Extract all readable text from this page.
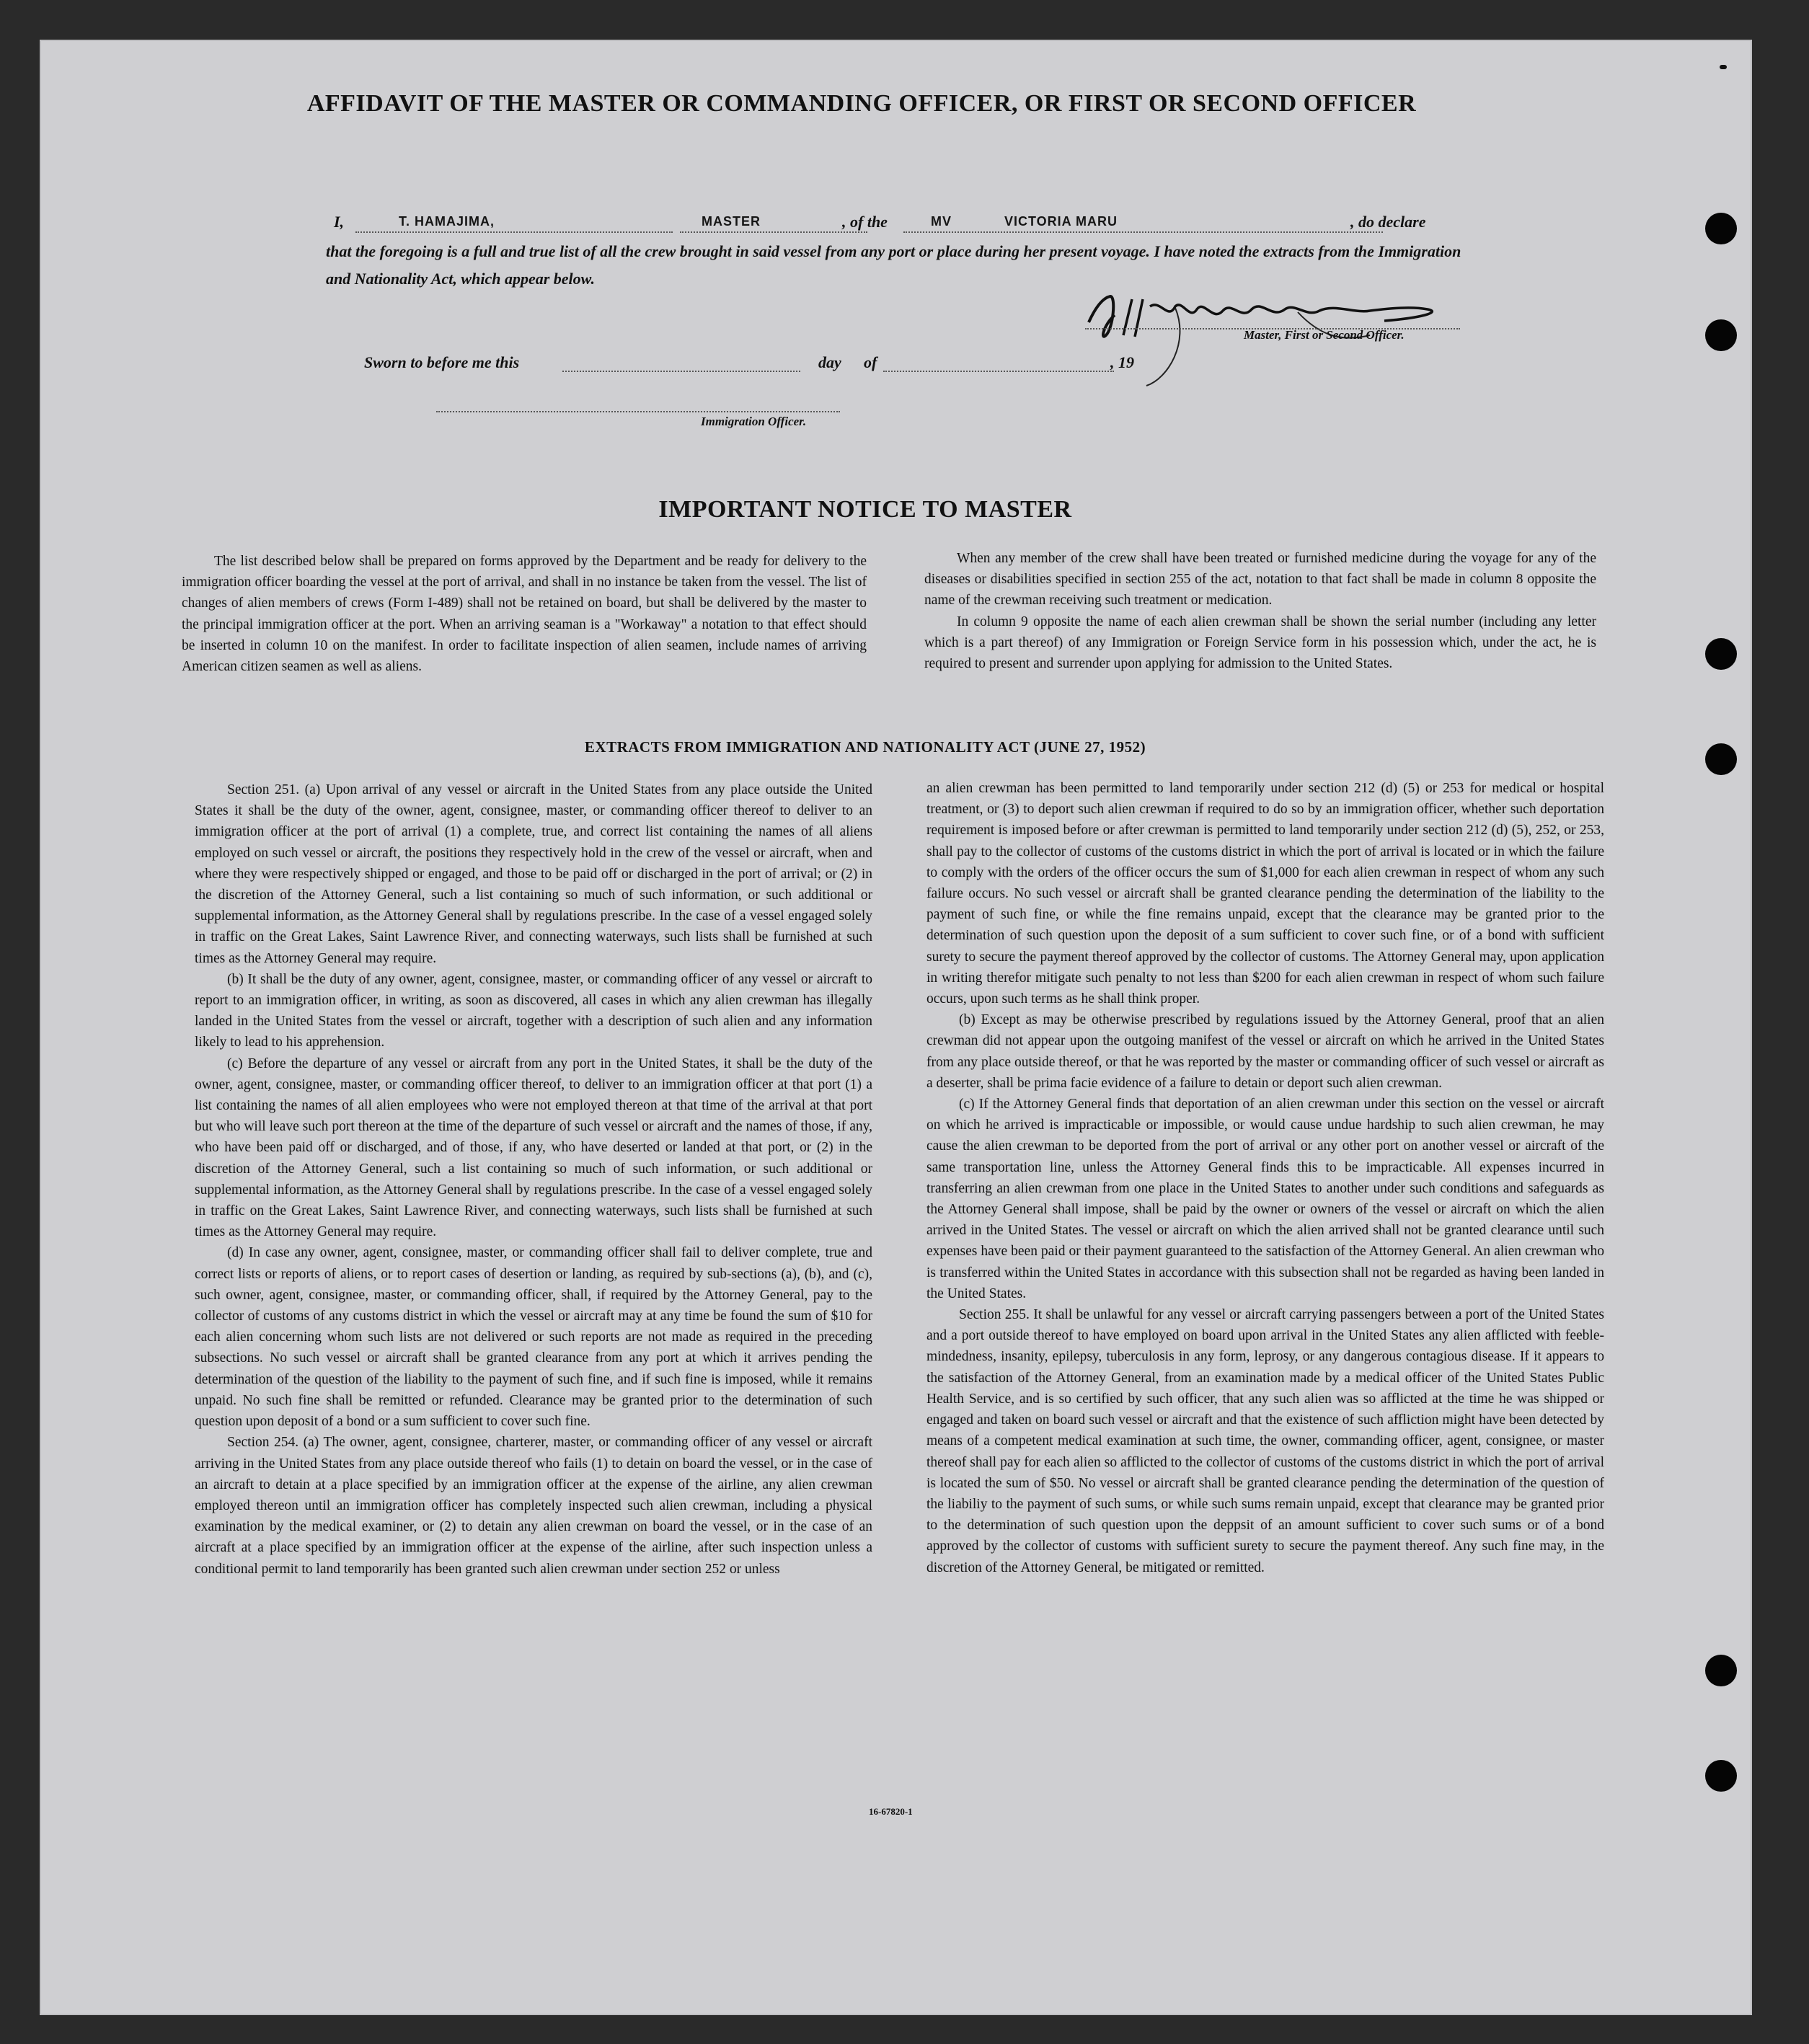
AFFIDAVIT OF THE MASTER OR COMMANDING OFFICER, OR FIRST OR SECOND OFFICER
I,	T. HAMAJIMA,	MASTER	, of the	MV	VICTORIA MARU	, do declare
that the foregoing is a full and true list of all the crew brought in said vessel from any port or place during her present voyage. I have noted the extracts from the Immigration and Nationality Act, which appear below.
Master, First or Second Officer.
Sworn to before me this	day of	, 19
Immigration Officer.
IMPORTANT NOTICE TO MASTER

The list described below shall be prepared on forms approved by the Department and be ready for delivery to the immigration officer boarding the vessel at the port of arrival, and shall in no instance be taken from the vessel. The list of changes of alien members of crews (Form I-489) shall not be retained on board, but shall be delivered by the master to the principal immigration officer at the port. When an arriving seaman is a "Workaway" a notation to that effect should be inserted in column 10 on the manifest. In order to facilitate inspection of alien seamen, include names of arriving American citizen seamen as well as aliens.

When any member of the crew shall have been treated or furnished medicine during the voyage for any of the diseases or disabilities specified in section 255 of the act, notation to that fact shall be made in column 8 opposite the name of the crewman receiving such treatment or medication.

In column 9 opposite the name of each alien crewman shall be shown the serial number (including any letter which is a part thereof) of any Immigration or Foreign Service form in his possession which, under the act, he is required to present and surrender upon applying for admission to the United States.

EXTRACTS FROM IMMIGRATION AND NATIONALITY ACT (JUNE 27, 1952)

Section 251. (a) Upon arrival of any vessel or aircraft in the United States from any place outside the United States it shall be the duty of the owner, agent, consignee, master, or commanding officer thereof to deliver to an immigration officer at the port of arrival (1) a complete, true, and correct list containing the names of all aliens employed on such vessel or aircraft, the positions they respectively hold in the crew of the vessel or aircraft, when and where they were respectively shipped or engaged, and those to be paid off or discharged in the port of arrival; or (2) in the discretion of the Attorney General, such a list containing so much of such information, or such additional or supplemental information, as the Attorney General shall by regulations prescribe. In the case of a vessel engaged solely in traffic on the Great Lakes, Saint Lawrence River, and connecting waterways, such lists shall be furnished at such times as the Attorney General may require.

(b) It shall be the duty of any owner, agent, consignee, master, or commanding officer of any vessel or aircraft to report to an immigration officer, in writing, as soon as discovered, all cases in which any alien crewman has illegally landed in the United States from the vessel or aircraft, together with a description of such alien and any information likely to lead to his apprehension.

(c) Before the departure of any vessel or aircraft from any port in the United States, it shall be the duty of the owner, agent, consignee, master, or commanding officer thereof, to deliver to an immigration officer at that port (1) a list containing the names of all alien employees who were not employed thereon at that time of the arrival at that port but who will leave such port thereon at the time of the departure of such vessel or aircraft and the names of those, if any, who have been paid off or discharged, and of those, if any, who have deserted or landed at that port, or (2) in the discretion of the Attorney General, such a list containing so much of such information, or such additional or supplemental information, as the Attorney General shall by regulations prescribe. In the case of a vessel engaged solely in traffic on the Great Lakes, Saint Lawrence River, and connecting waterways, such lists shall be furnished at such times as the Attorney General may require.

(d) In case any owner, agent, consignee, master, or commanding officer shall fail to deliver complete, true and correct lists or reports of aliens, or to report cases of desertion or landing, as required by sub-sections (a), (b), and (c), such owner, agent, consignee, master, or commanding officer, shall, if required by the Attorney General, pay to the collector of customs of any customs district in which the vessel or aircraft may at any time be found the sum of $10 for each alien concerning whom such lists are not delivered or such reports are not made as required in the preceding subsections. No such vessel or aircraft shall be granted clearance from any port at which it arrives pending the determination of the question of the liability to the payment of such fine, and if such fine is imposed, while it remains unpaid. No such fine shall be remitted or refunded. Clearance may be granted prior to the determination of such question upon deposit of a bond or a sum sufficient to cover such fine.

Section 254. (a) The owner, agent, consignee, charterer, master, or commanding officer of any vessel or aircraft arriving in the United States from any place outside thereof who fails (1) to detain on board the vessel, or in the case of an aircraft to detain at a place specified by an immigration officer at the expense of the airline, any alien crewman employed thereon until an immigration officer has completely inspected such alien crewman, including a physical examination by the medical examiner, or (2) to detain any alien crewman on board the vessel, or in the case of an aircraft at a place specified by an immigration officer at the expense of the airline, after such inspection unless a conditional permit to land temporarily has been granted such alien crewman under section 252 or unless

an alien crewman has been permitted to land temporarily under section 212 (d) (5) or 253 for medical or hospital treatment, or (3) to deport such alien crewman if required to do so by an immigration officer, whether such deportation requirement is imposed before or after crewman is permitted to land temporarily under section 212 (d) (5), 252, or 253, shall pay to the collector of customs of the customs district in which the port of arrival is located or in which the failure to comply with the orders of the officer occurs the sum of $1,000 for each alien crewman in respect of whom any such failure occurs. No such vessel or aircraft shall be granted clearance pending the determination of the liability to the payment of such fine, or while the fine remains unpaid, except that the clearance may be granted prior to the determination of such question upon the deposit of a sum sufficient to cover such fine, or of a bond with sufficient surety to secure the payment thereof approved by the collector of customs. The Attorney General may, upon application in writing therefor mitigate such penalty to not less than $200 for each alien crewman in respect of whom such failure occurs, upon such terms as he shall think proper.

(b) Except as may be otherwise prescribed by regulations issued by the Attorney General, proof that an alien crewman did not appear upon the outgoing manifest of the vessel or aircraft on which he arrived in the United States from any place outside thereof, or that he was reported by the master or commanding officer of such vessel or aircraft as a deserter, shall be prima facie evidence of a failure to detain or deport such alien crewman.

(c) If the Attorney General finds that deportation of an alien crewman under this section on the vessel or aircraft on which he arrived is impracticable or impossible, or would cause undue hardship to such alien crewman, he may cause the alien crewman to be deported from the port of arrival or any other port on another vessel or aircraft of the same transportation line, unless the Attorney General finds this to be impracticable. All expenses incurred in transferring an alien crewman from one place in the United States to another under such conditions and safeguards as the Attorney General shall impose, shall be paid by the owner or owners of the vessel or aircraft on which the alien arrived in the United States. The vessel or aircraft on which the alien arrived shall not be granted clearance until such expenses have been paid or their payment guaranteed to the satisfaction of the Attorney General. An alien crewman who is transferred within the United States in accordance with this subsection shall not be regarded as having been landed in the United States.

Section 255. It shall be unlawful for any vessel or aircraft carrying passengers between a port of the United States and a port outside thereof to have employed on board upon arrival in the United States any alien afflicted with feeble-mindedness, insanity, epilepsy, tuberculosis in any form, leprosy, or any dangerous contagious disease. If it appears to the satisfaction of the Attorney General, from an examination made by a medical officer of the United States Public Health Service, and is so certified by such officer, that any such alien was so afflicted at the time he was shipped or engaged and taken on board such vessel or aircraft and that the existence of such affliction might have been detected by means of a competent medical examination at such time, the owner, commanding officer, agent, consignee, or master thereof shall pay for each alien so afflicted to the collector of customs of the customs district in which the port of arrival is located the sum of $50. No vessel or aircraft shall be granted clearance pending the determination of the question of the liabiliy to the payment of such sums, or while such sums remain unpaid, except that clearance may be granted prior to the determination of such question upon the deppsit of an amount sufficient to cover such sums or of a bond approved by the collector of customs with sufficient surety to secure the payment thereof. Any such fine may, in the discretion of the Attorney General, be mitigated or remitted.

16-67820-1
